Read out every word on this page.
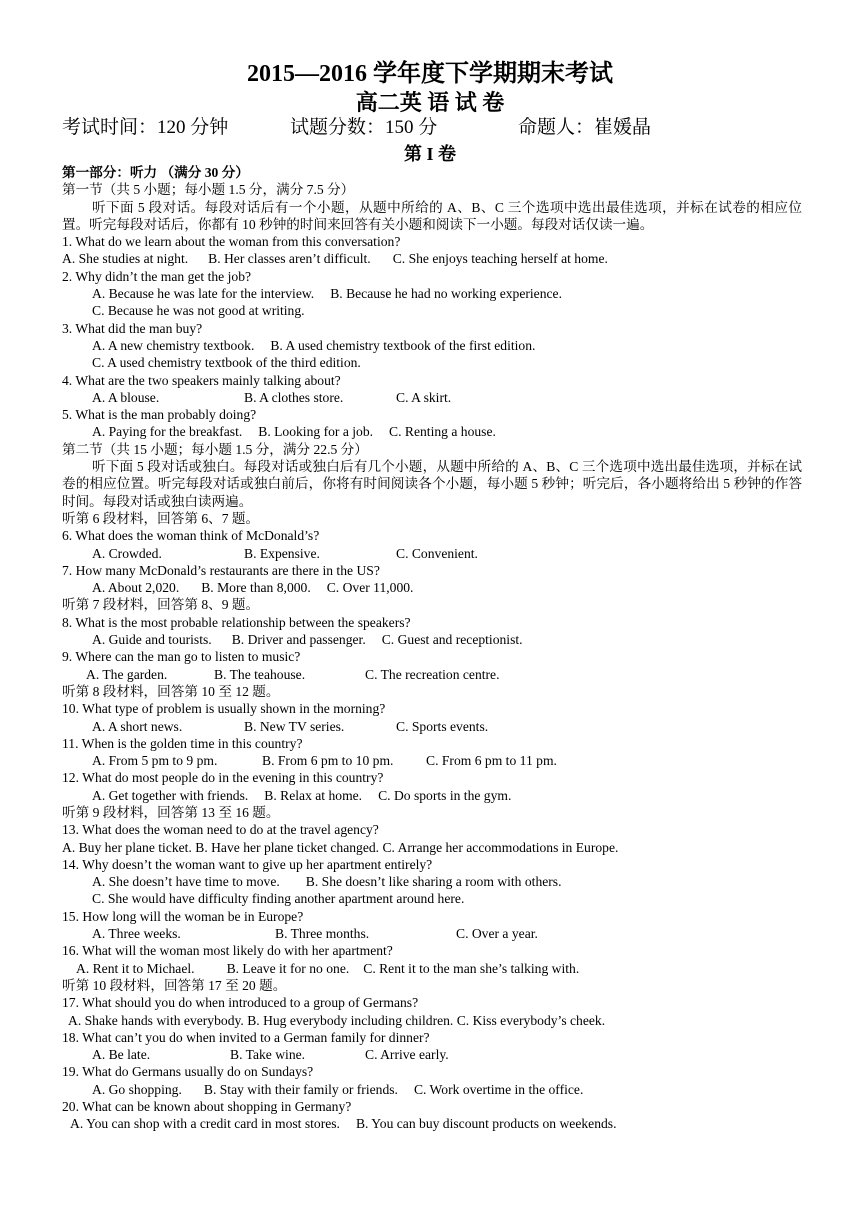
2015—2016 学年度下学期期末考试
高二英 语 试 卷
考试时间：120 分钟	试题分数：150 分	命题人：崔媛晶
第 I 卷
第一部分：听力 （满分 30 分）
第一节（共 5 小题；每小题 1.5 分，满分 7.5 分）
听下面 5 段对话。每段对话后有一个小题，从题中所给的 A、B、C 三个选项中选出最佳选项，并标在试卷的相应位置。听完每段对话后，你都有 10 秒钟的时间来回答有关小题和阅读下一小题。每段对话仅读一遍。
1. What do we learn about the woman from this conversation?
A. She studies at night. B. Her classes aren’t difficult. C. She enjoys teaching herself at home.
2. Why didn’t the man get the job?
A. Because he was late for the interview. B. Because he had no working experience.
C. Because he was not good at writing.
3. What did the man buy?
A. A new chemistry textbook. B. A used chemistry textbook of the first edition.
C. A used chemistry textbook of the third edition.
4. What are the two speakers mainly talking about?
A. A blouse.	B. A clothes store.	C. A skirt.
5. What is the man probably doing?
A. Paying for the breakfast. B. Looking for a job. C. Renting a house.
第二节（共 15 小题；每小题 1.5 分，满分 22.5 分）
听下面 5 段对话或独白。每段对话或独白后有几个小题，从题中所给的 A、B、C 三个选项中选出最佳选项，并标在试卷的相应位置。听完每段对话或独白前后，你将有时间阅读各个小题，每小题 5 秒钟；听完后，各小题将给出 5 秒钟的作答时间。每段对话或独白读两遍。
听第 6 段材料，回答第 6、7 题。
6. What does the woman think of McDonald’s?
A. Crowded.	B. Expensive.	C. Convenient.
7. How many McDonald’s restaurants are there in the US?
A. About 2,020. B. More than 8,000. C. Over 11,000.
听第 7 段材料，回答第 8、9 题。
8. What is the most probable relationship between the speakers?
A. Guide and tourists. B. Driver and passenger. C. Guest and receptionist.
9. Where can the man go to listen to music?
A. The garden.	B. The teahouse.	C. The recreation centre.
听第 8 段材料，回答第 10 至 12 题。
10. What type of problem is usually shown in the morning?
A. A short news.	B. New TV series.	C. Sports events.
11. When is the golden time in this country?
A. From 5 pm to 9 pm.	B. From 6 pm to 10 pm. C. From 6 pm to 11 pm.
12. What do most people do in the evening in this country?
A. Get together with friends. B. Relax at home. C. Do sports in the gym.
听第 9 段材料，回答第 13 至 16 题。
13. What does the woman need to do at the travel agency?
A. Buy her plane ticket. B. Have her plane ticket changed. C. Arrange her accommodations in Europe.
14. Why doesn’t the woman want to give up her apartment entirely?
A. She doesn’t have time to move. B. She doesn’t like sharing a room with others.
C. She would have difficulty finding another apartment around here.
15. How long will the woman be in Europe?
A. Three weeks.	B. Three months.	C. Over a year.
16. What will the woman most likely do with her apartment?
A. Rent it to Michael. B. Leave it for no one. C. Rent it to the man she’s talking with.
听第 10 段材料，回答第 17 至 20 题。
17. What should you do when introduced to a group of Germans?
A. Shake hands with everybody. B. Hug everybody including children. C. Kiss everybody’s cheek.
18. What can’t you do when invited to a German family for dinner?
A. Be late.	B. Take wine.	C. Arrive early.
19. What do Germans usually do on Sundays?
A. Go shopping. B. Stay with their family or friends. C. Work overtime in the office.
20. What can be known about shopping in Germany?
A. You can shop with a credit card in most stores. B. You can buy discount products on weekends.
